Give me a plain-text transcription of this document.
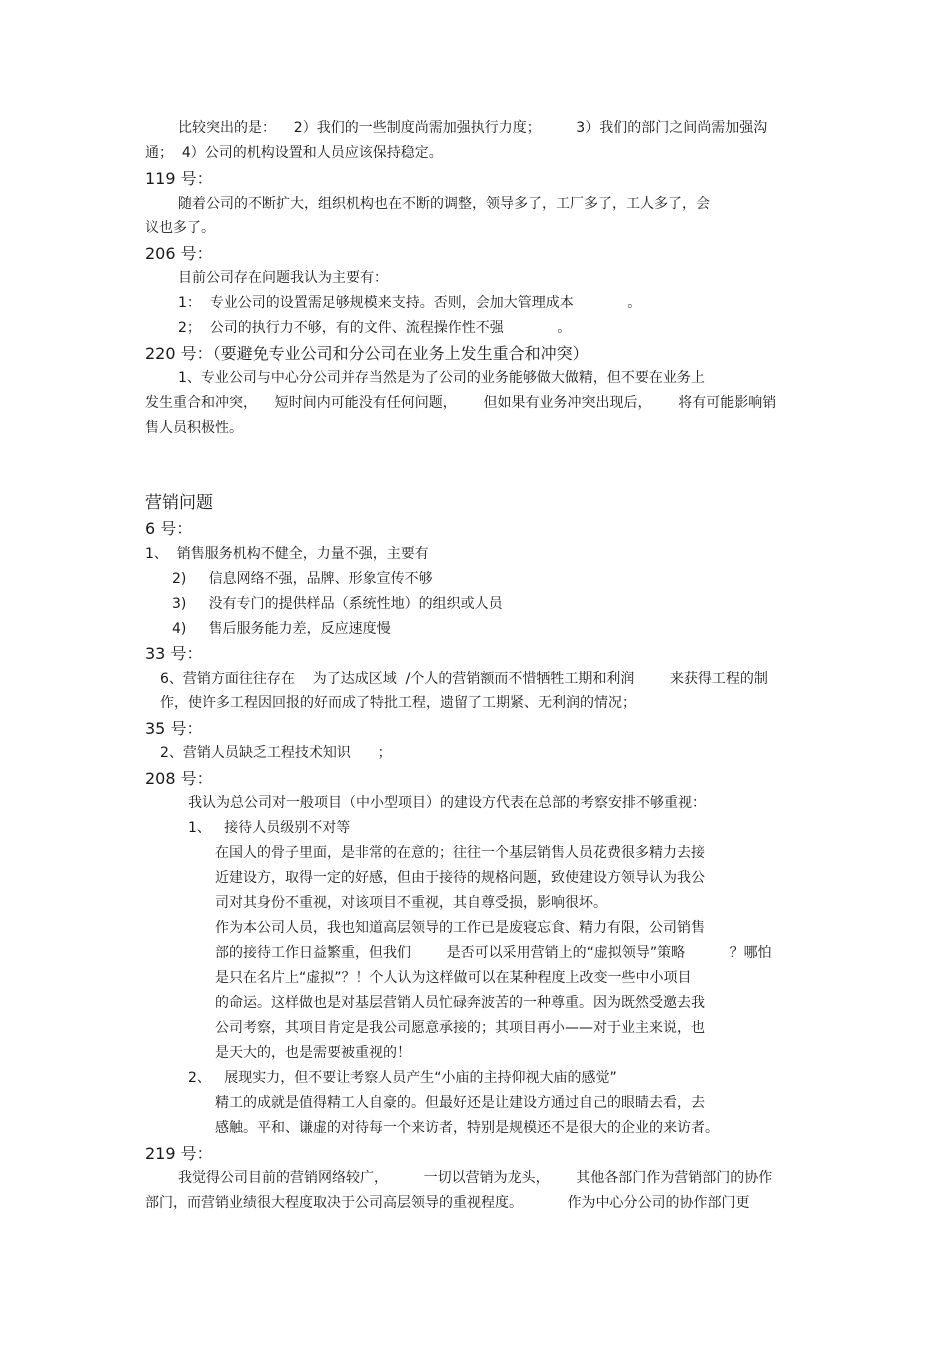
比较突出的是：    2）我们的一些制度尚需加强执行力度；        3）我们的部门之间尚需加强沟
通；  4）公司的机构设置和人员应该保持稳定。
119 号：
随着公司的不断扩大，组织机构也在不断的调整，领导多了，工厂多了，工人多了，会
议也多了。
206 号：
目前公司存在问题我认为主要有：
1：  专业公司的设置需足够规模来支持。否则，会加大管理成本            。
2；  公司的执行力不够，有的文件、流程操作性不强            。
220 号：（要避免专业公司和分公司在业务上发生重合和冲突）
1、专业公司与中心分公司并存当然是为了公司的业务能够做大做精，但不要在业务上
发生重合和冲突，    短时间内可能没有任何问题，      但如果有业务冲突出现后，      将有可能影响销
售人员积极性。
营销问题
6 号：
1、  销售服务机构不健全，力量不强，主要有
2)     信息网络不强，品牌、形象宣传不够
3)     没有专门的提供样品（系统性地）的组织或人员
4)     售后服务能力差，反应速度慢
33 号：
6、营销方面往往存在    为了达成区域  /个人的营销额而不惜牺牲工期和利润        来获得工程的制
作，使许多工程因回报的好而成了特批工程，遗留了工期紧、无利润的情况；
35 号：
2、营销人员缺乏工程技术知识      ；
208 号：
我认为总公司对一般项目（中小型项目）的建设方代表在总部的考察安排不够重视：
1、   接待人员级别不对等
在国人的骨子里面，是非常的在意的；往往一个基层销售人员花费很多精力去接
近建设方，取得一定的好感，但由于接待的规格问题，致使建设方领导认为我公
司对其身份不重视，对该项目不重视，其自尊受损，影响很坏。
作为本公司人员，我也知道高层领导的工作已是废寝忘食、精力有限，公司销售
部的接待工作日益繁重，但我们        是否可以采用营销上的“虚拟领导”策略          ？哪怕
是只在名片上“虚拟”？！个人认为这样做可以在某种程度上改变一些中小项目
的命运。这样做也是对基层营销人员忙碌奔波苦的一种尊重。因为既然受邀去我
公司考察，其项目肯定是我公司愿意承接的；其项目再小——对于业主来说，也
是天大的，也是需要被重视的！
2、   展现实力，但不要让考察人员产生“小庙的主持仰视大庙的感觉”
精工的成就是值得精工人自豪的。但最好还是让建设方通过自己的眼睛去看，去
感触。平和、谦虚的对待每一个来访者，特别是规模还不是很大的企业的来访者。
219 号：
我觉得公司目前的营销网络较广，        一切以营销为龙头，      其他各部门作为营销部门的协作
部门，而营销业绩很大程度取决于公司高层领导的重视程度。          作为中心分公司的协作部门更
